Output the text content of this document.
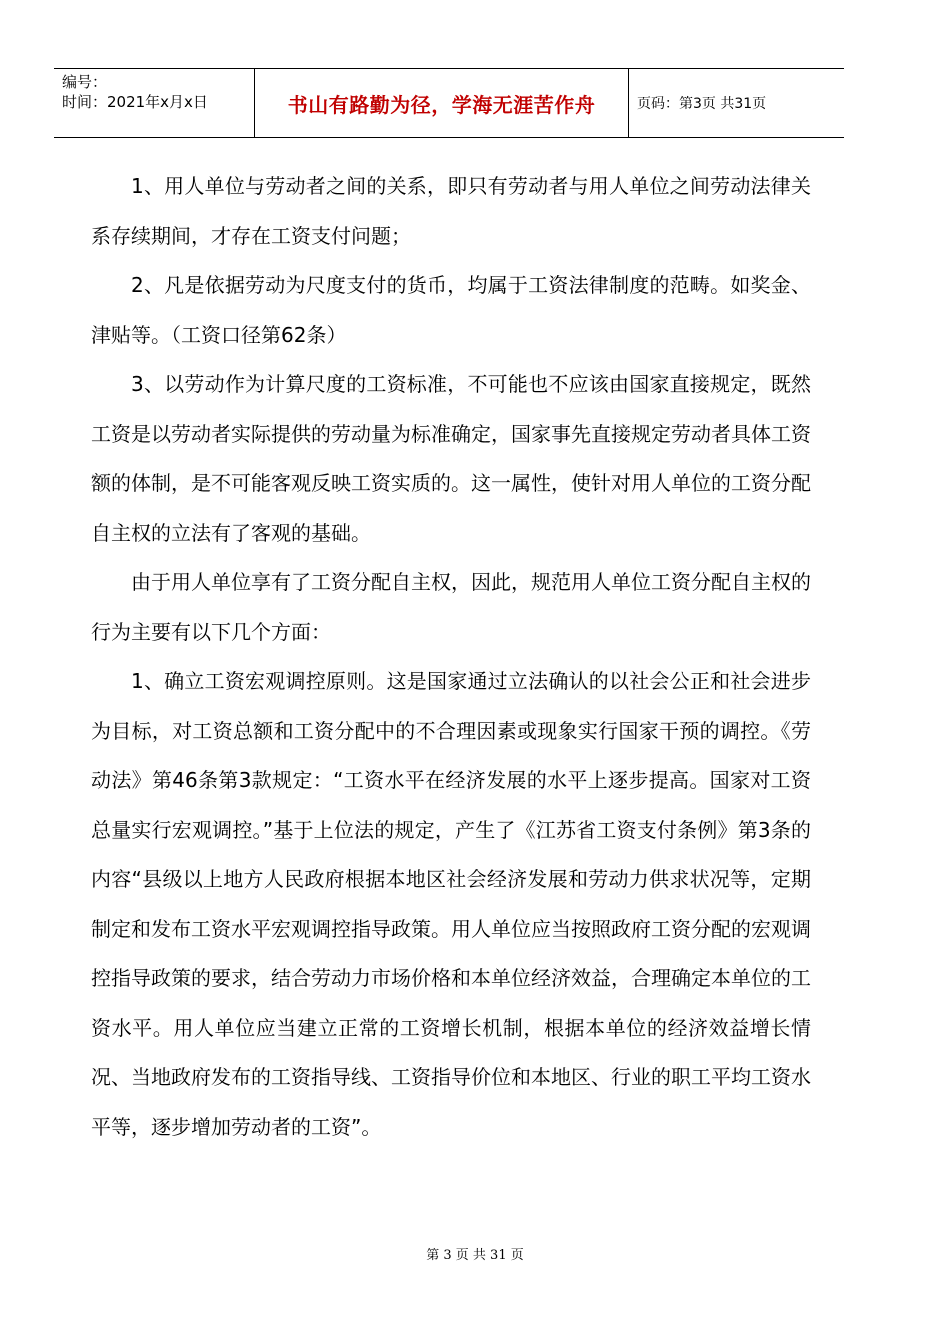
编号：
时间：2021年x月x日	书山有路勤为径，学海无涯苦作舟	页码：第3页 共31页

1、用人单位与劳动者之间的关系，即只有劳动者与用人单位之间劳动法律关系存续期间，才存在工资支付问题；

2、凡是依据劳动为尺度支付的货币，均属于工资法律制度的范畴。如奖金、津贴等。（工资口径第62条）

3、以劳动作为计算尺度的工资标准，不可能也不应该由国家直接规定，既然工资是以劳动者实际提供的劳动量为标准确定，国家事先直接规定劳动者具体工资额的体制，是不可能客观反映工资实质的。这一属性，使针对用人单位的工资分配自主权的立法有了客观的基础。

由于用人单位享有了工资分配自主权，因此，规范用人单位工资分配自主权的行为主要有以下几个方面：

1、确立工资宏观调控原则。这是国家通过立法确认的以社会公正和社会进步为目标，对工资总额和工资分配中的不合理因素或现象实行国家干预的调控。《劳动法》第46条第3款规定：“工资水平在经济发展的水平上逐步提高。国家对工资总量实行宏观调控。”基于上位法的规定，产生了《江苏省工资支付条例》第3条的内容“县级以上地方人民政府根据本地区社会经济发展和劳动力供求状况等，定期制定和发布工资水平宏观调控指导政策。用人单位应当按照政府工资分配的宏观调控指导政策的要求，结合劳动力市场价格和本单位经济效益，合理确定本单位的工资水平。用人单位应当建立正常的工资增长机制，根据本单位的经济效益增长情况、当地政府发布的工资指导线、工资指导价位和本地区、行业的职工平均工资水平等，逐步增加劳动者的工资”。

第 3 页 共 31 页
